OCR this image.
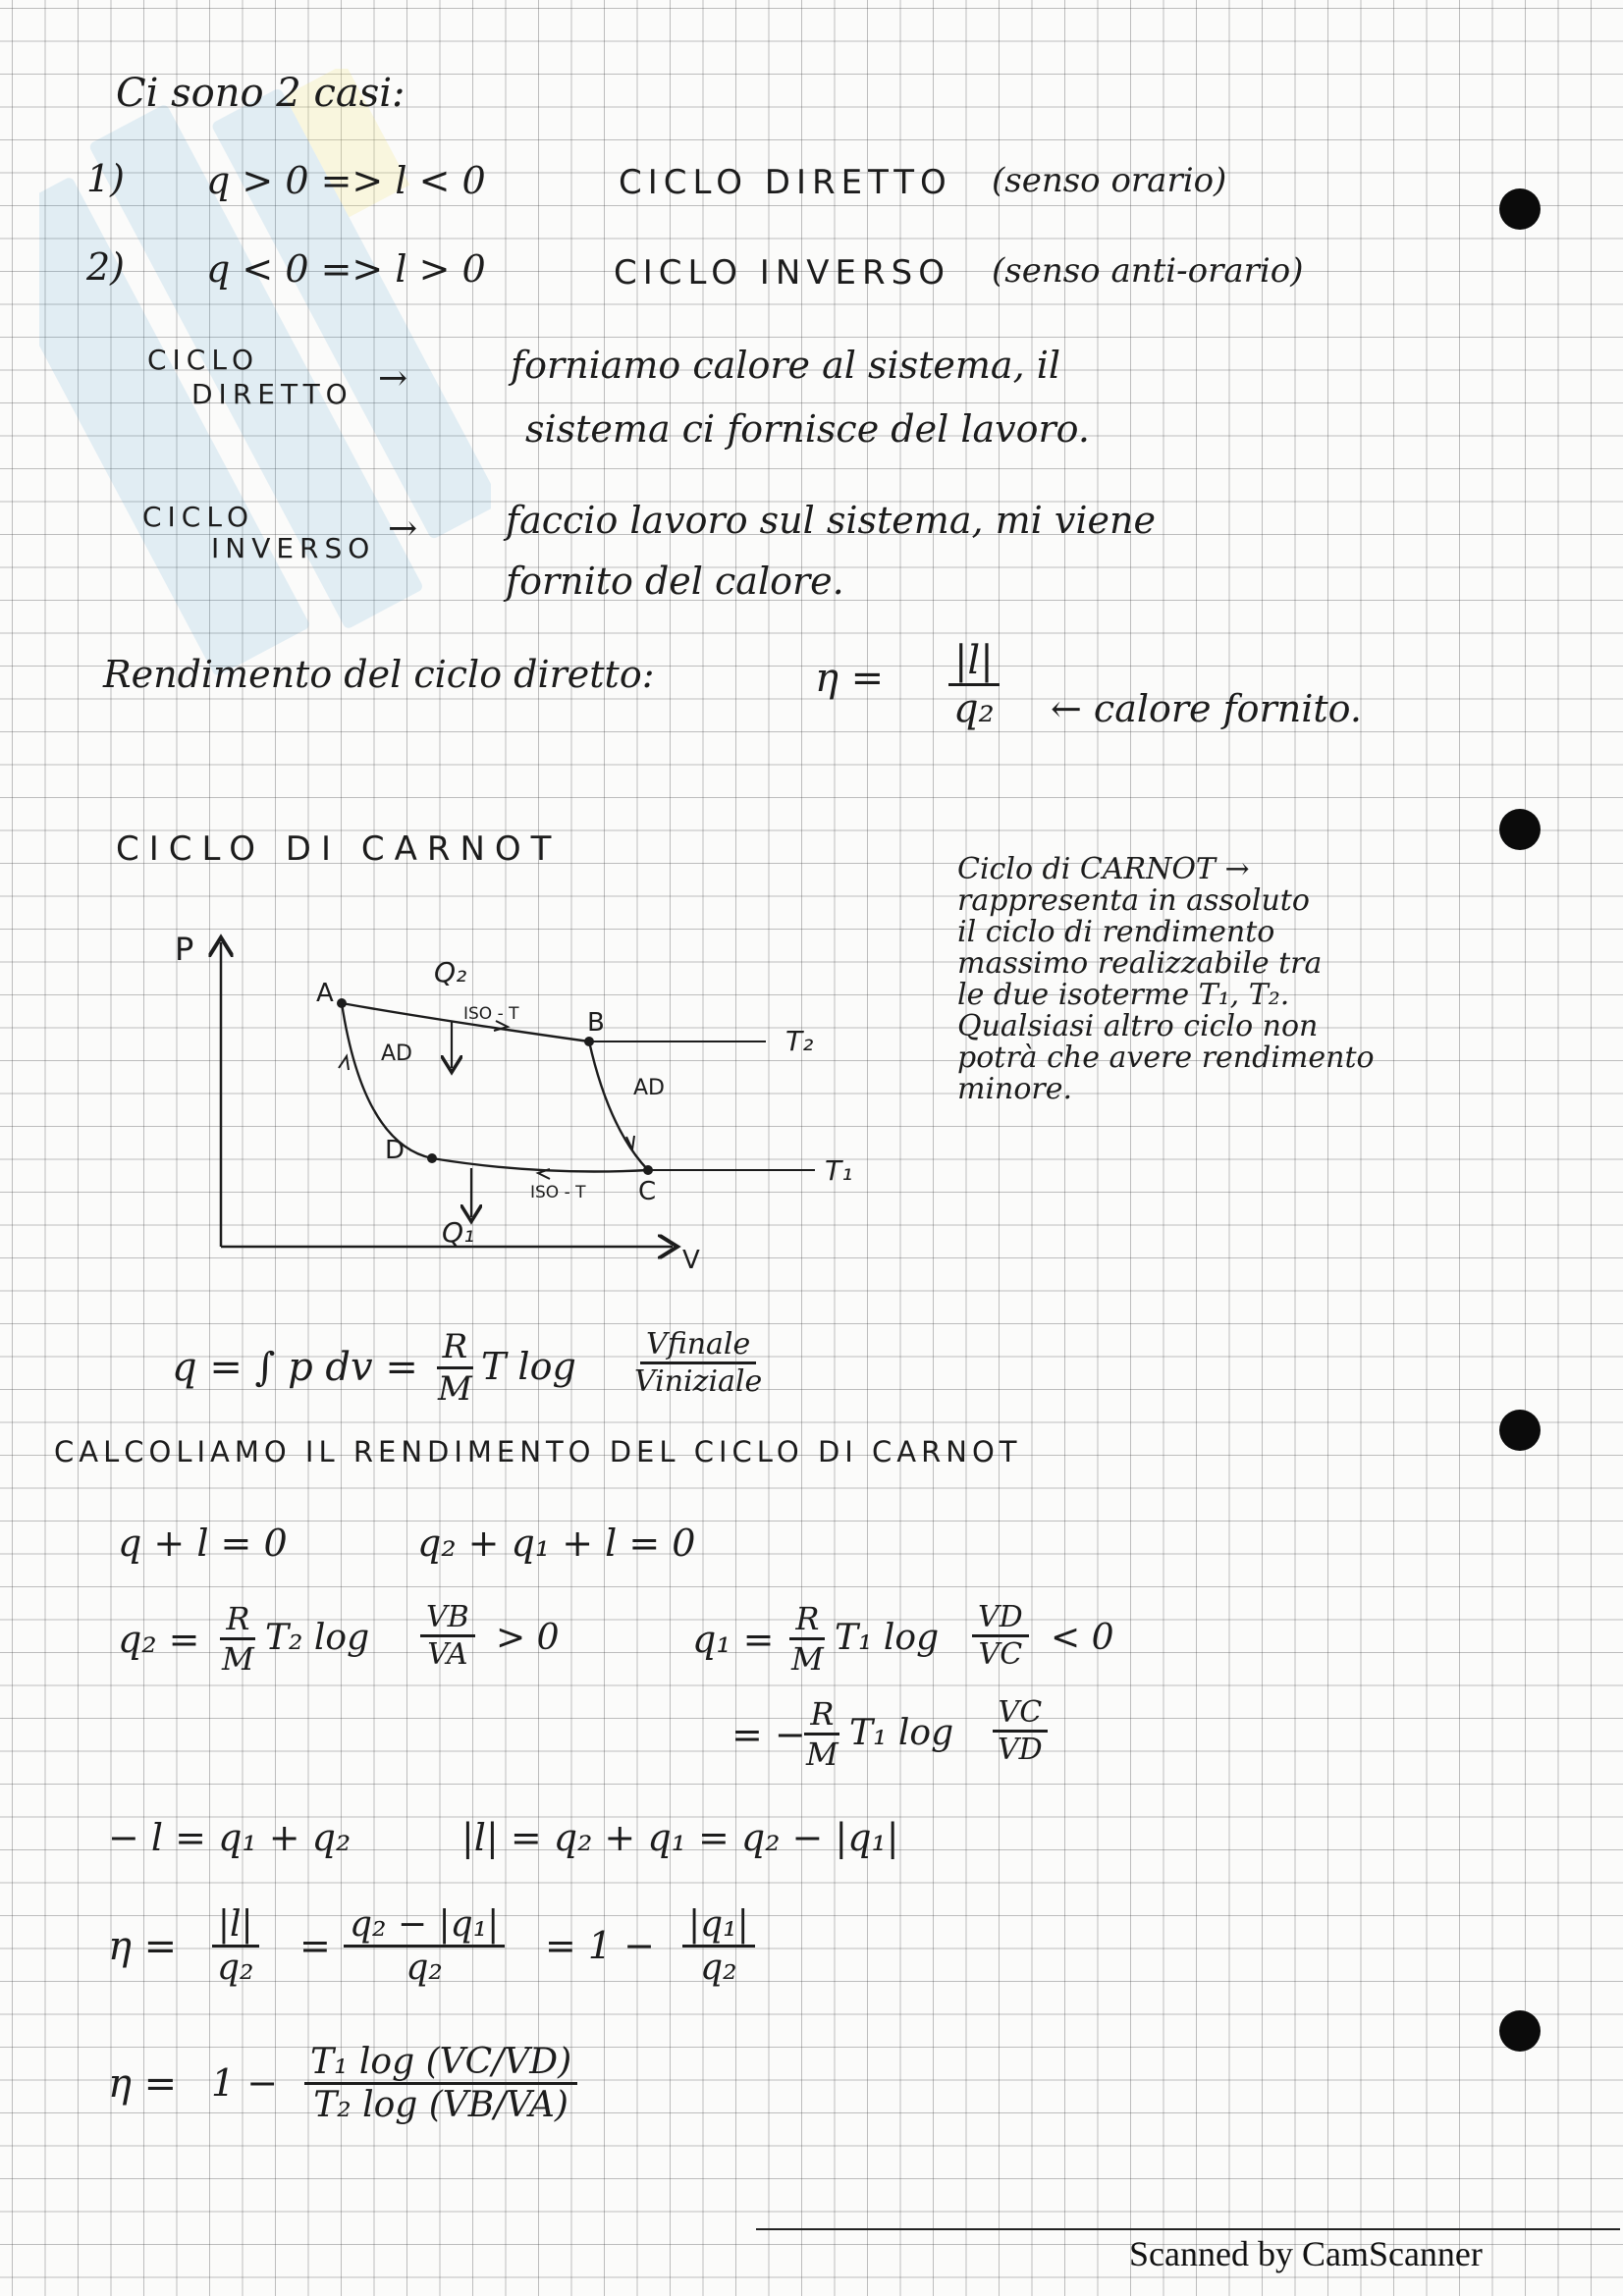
Ci sono 2 casi:
1) q > 0 => l < 0	CICLO DIRETTO (senso orario)
2) q < 0 => l > 0	CICLO INVERSO (senso anti-orario)
CICLO
DIRETTO →	forniamo calore al sistema, il
sistema ci fornisce del lavoro.
CICLO
INVERSO → faccio lavoro sul sistema, mi viene
fornito del calore.
Rendimento del ciclo diretto:	$\eta = \frac{|l|}{\text{q₂}}$ ← calore fornito.
CICLO DI CARNOT
Ciclo di CARNOT →
rappresenta in assoluto
il ciclo di rendimento
massimo realizzabile tra
le due isoterme T₁, T₂.
Qualsiasi altro ciclo non
potrà che avere rendimento
minore.
P
V
A
B
C
D
Q₂
Q₁
ISO - T
ISO - T
AD
AD
T₂
T₁
q = ∫ p dv = $\frac{R}{M}$ T log
Vfinale
Viniziale
CALCOLIAMO IL RENDIMENTO DEL CICLO DI CARNOT
q + l = 0	q₂ + q₁ + l = 0
$q_2 = \frac{R}{M} T_2$ $\log \frac{VB}{VA} > 0$	$q_1 = \frac{R}{M} T_1$ $\log \frac{VD}{VC} < 0$
= −
$\frac{R}{M} T_1$ $\log \frac{VC}{VD}$
− l = q₁ + q₂	|l| = q₂ + q₁ = q₂ − |q₁|
$\eta = \frac{|l|}{\text{q₂}} = \frac{\text{q₂ − |q₁|}}{\text{q₂}} = 1 - \frac{\text{|q₁|}}{\text{q₂}}$
$\eta = 1 - \frac{\text{T₁ log (VC/VD)}}{\text{T₂ log (VB/VA)}}$
Scanned by CamScanner
